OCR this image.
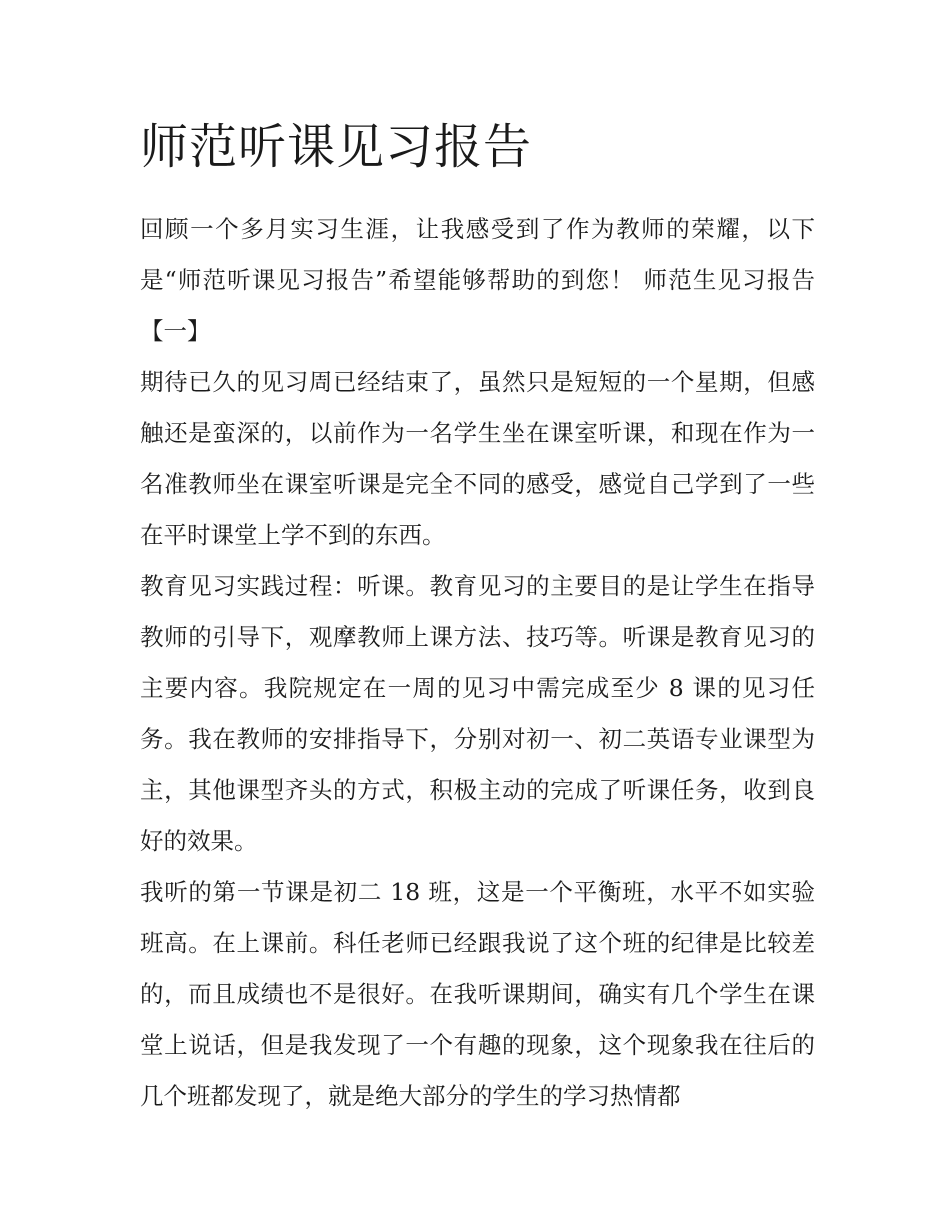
师范听课见习报告

回顾一个多月实习生涯，让我感受到了作为教师的荣耀，以下是“师范听课见习报告”希望能够帮助的到您！ 师范生见习报告【一】

期待已久的见习周已经结束了，虽然只是短短的一个星期，但感触还是蛮深的，以前作为一名学生坐在课室听课，和现在作为一名准教师坐在课室听课是完全不同的感受，感觉自己学到了一些在平时课堂上学不到的东西。

教育见习实践过程：听课。教育见习的主要目的是让学生在指导教师的引导下，观摩教师上课方法、技巧等。听课是教育见习的主要内容。我院规定在一周的见习中需完成至少 8 课的见习任务。我在教师的安排指导下，分别对初一、初二英语专业课型为主，其他课型齐头的方式，积极主动的完成了听课任务，收到良好的效果。

我听的第一节课是初二 18 班，这是一个平衡班，水平不如实验班高。在上课前。科任老师已经跟我说了这个班的纪律是比较差的，而且成绩也不是很好。在我听课期间，确实有几个学生在课堂上说话，但是我发现了一个有趣的现象，这个现象我在往后的几个班都发现了，就是绝大部分的学生的学习热情都
